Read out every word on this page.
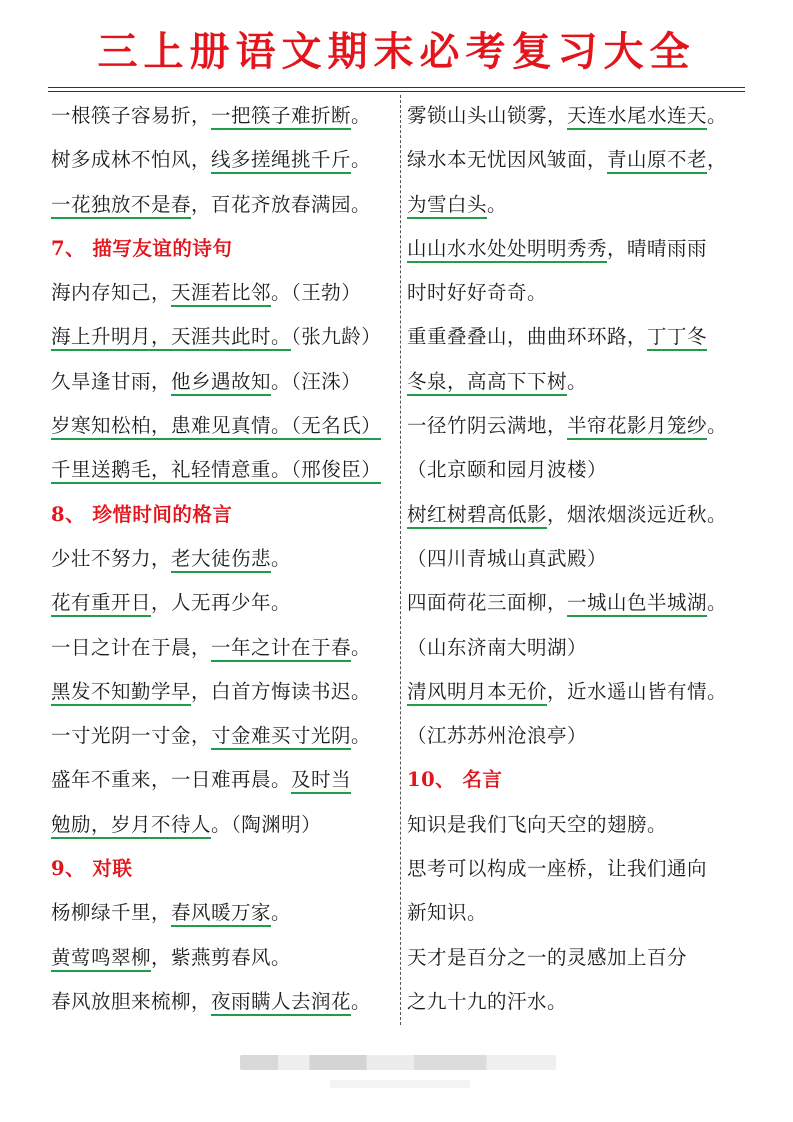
三上册语文期末必考复习大全
一根筷子容易折，一把筷子难折断。
树多成林不怕风，线多搓绳挑千斤。
一花独放不是春，百花齐放春满园。
7、 描写友谊的诗句
海内存知己，天涯若比邻。（王勃）
海上升明月，天涯共此时。（张九龄）
久旱逢甘雨，他乡遇故知。（汪洙）
岁寒知松柏，患难见真情。（无名氏）
千里送鹅毛，礼轻情意重。（邢俊臣）
8、 珍惜时间的格言
少壮不努力，老大徒伤悲。
花有重开日，人无再少年。
一日之计在于晨，一年之计在于春。
黑发不知勤学早，白首方悔读书迟。
一寸光阴一寸金，寸金难买寸光阴。
盛年不重来，一日难再晨。及时当
勉励，岁月不待人。（陶渊明）
9、 对联
杨柳绿千里，春风暖万家。
黄莺鸣翠柳，紫燕剪春风。
春风放胆来梳柳，夜雨瞒人去润花。
雾锁山头山锁雾，天连水尾水连天。
绿水本无忧因风皱面，青山原不老，
为雪白头。
山山水水处处明明秀秀，晴晴雨雨
时时好好奇奇。
重重叠叠山，曲曲环环路，丁丁冬
冬泉，高高下下树。
一径竹阴云满地，半帘花影月笼纱。
（北京颐和园月波楼）
树红树碧高低影，烟浓烟淡远近秋。
（四川青城山真武殿）
四面荷花三面柳，一城山色半城湖。
（山东济南大明湖）
清风明月本无价，近水遥山皆有情。
（江苏苏州沧浪亭）
10、 名言
知识是我们飞向天空的翅膀。
思考可以构成一座桥，让我们通向
新知识。
天才是百分之一的灵感加上百分
之九十九的汗水。
